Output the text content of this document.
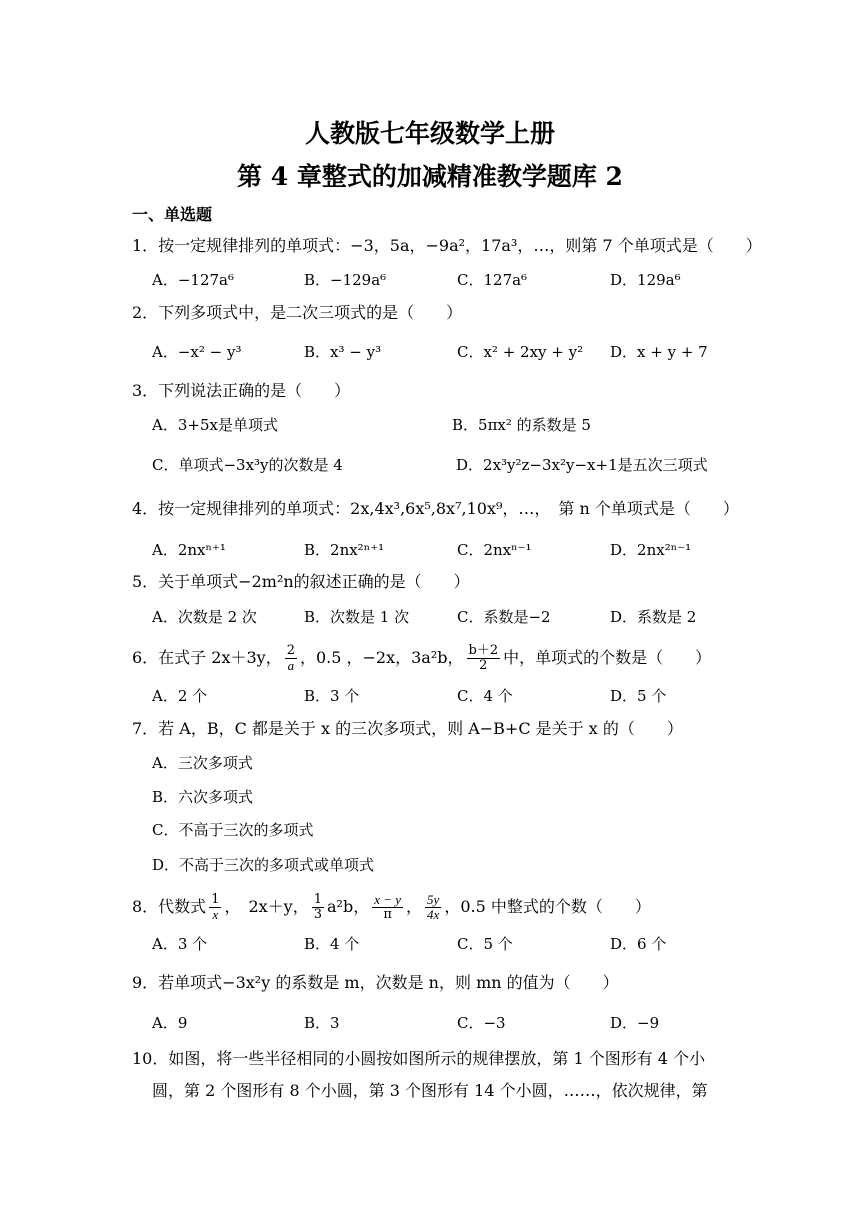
人教版七年级数学上册
第 4 章整式的加减精准教学题库 2
一、单选题
1．按一定规律排列的单项式：−3，5a，−9a²，17a³，…，则第 7 个单项式是（　　）
A．−127a⁶	B．−129a⁶	C．127a⁶	D．129a⁶
2．下列多项式中，是二次三项式的是（　　）
A．−x² − y³	B．x³ − y³	C．x² + 2xy + y² D．x + y + 7
3．下列说法正确的是（　　）
A．3+5x是单项式	B．5πx² 的系数是 5
C．单项式−3x³y的次数是 4	D．2x³y²z−3x²y−x+1是五次三项式
4．按一定规律排列的单项式：2x,4x³,6x⁵,8x⁷,10x⁹，…，　第 n 个单项式是（　　）
A．2nxⁿ⁺¹	B．2nx²ⁿ⁺¹	C．2nxⁿ⁻¹	D．2nx²ⁿ⁻¹
5．关于单项式−2m²n的叙述正确的是（　　）
A．次数是 2 次	B．次数是 1 次	C．系数是−2	D．系数是 2
6．在式子 2x＋3y， $\frac{2}{a}$ ，0.5 ，−2x，3a²b， $\frac{b+2}{2}$ 中，单项式的个数是（　　）
A．2 个	B．3 个	C．4 个	D．5 个
7．若 A，B，C 都是关于 x 的三次多项式，则 A−B+C 是关于 x 的（　　）
A．三次多项式
B．六次多项式
C．不高于三次的多项式
D．不高于三次的多项式或单项式
8．代数式 $\frac{1}{x}$ ，　2x＋y， $\frac{1}{3} a^2b$， $\frac{x - y}{\pi}$ ， $\frac{5y}{4x}$ ，0.5 中整式的个数（　　）
A．3 个	B．4 个	C．5 个	D．6 个
9．若单项式−3x²y 的系数是 m，次数是 n，则 mn 的值为（　　）
A．9	B．3	C．−3	D．−9
10．如图，将一些半径相同的小圆按如图所示的规律摆放，第 1 个图形有 4 个小
圆，第 2 个图形有 8 个小圆，第 3 个图形有 14 个小圆，……，依次规律，第
